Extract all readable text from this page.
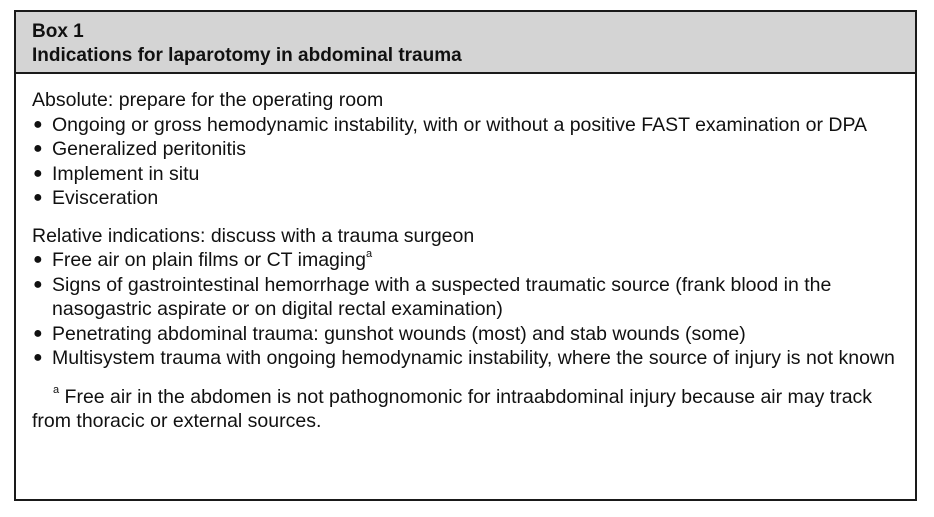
Box 1
Indications for laparotomy in abdominal trauma
Absolute: prepare for the operating room
● Ongoing or gross hemodynamic instability, with or without a positive FAST examination or DPA
● Generalized peritonitis
● Implement in situ
● Evisceration
Relative indications: discuss with a trauma surgeon
● Free air on plain films or CT imaging$^a$
● Signs of gastrointestinal hemorrhage with a suspected traumatic source (frank blood in the nasogastric aspirate or on digital rectal examination)
● Penetrating abdominal trauma: gunshot wounds (most) and stab wounds (some)
● Multisystem trauma with ongoing hemodynamic instability, where the source of injury is not known
$^a$ Free air in the abdomen is not pathognomonic for intraabdominal injury because air may track from thoracic or external sources.
